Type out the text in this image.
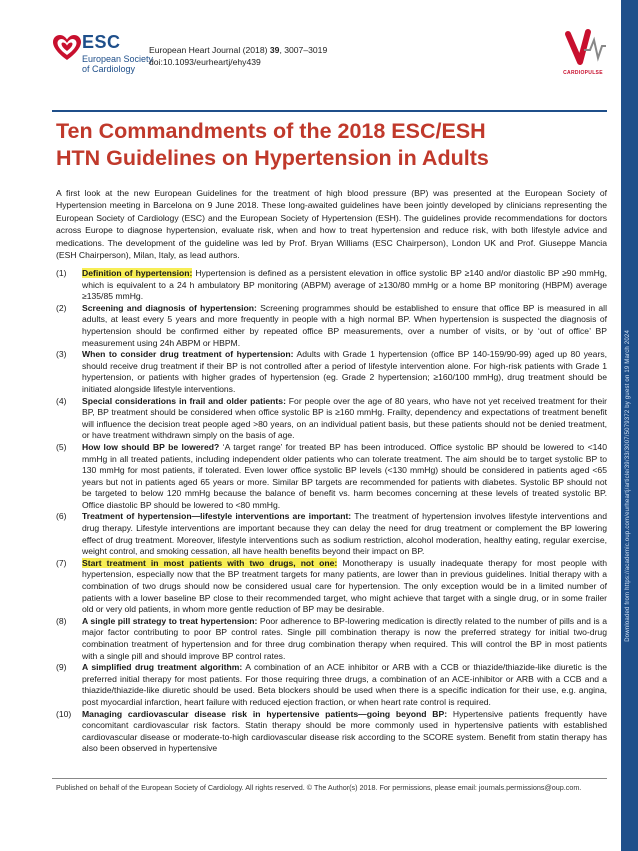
Downloaded from https://academic.oup.com/eurheartj/article/39/33/3007/5079372 by guest on 19 March 2024
ESC
European Society
of Cardiology
European Heart Journal (2018) 39, 3007–3019
doi:10.1093/eurheartj/ehy439
CARDIOPULSE
Ten Commandments of the 2018 ESC/ESH
HTN Guidelines on Hypertension in Adults
A first look at the new European Guidelines for the treatment of high blood pressure (BP) was presented at the European Society of Hypertension meeting in Barcelona on 9 June 2018. These long-awaited guidelines have been jointly developed by clinicians representing the European Society of Cardiology (ESC) and the European Society of Hypertension (ESH). The guidelines provide recommendations for doctors across Europe to diagnose hypertension, evaluate risk, when and how to treat hypertension and reduce risk, with both lifestyle advice and medications. The development of the guideline was led by Prof. Bryan Williams (ESC Chairperson), London UK and Prof. Giuseppe Mancia (ESH Chairperson), Milan, Italy, as lead authors.
(1) Definition of hypertension: Hypertension is defined as a persistent elevation in office systolic BP ≥140 and/or diastolic BP ≥90 mmHg, which is equivalent to a 24 h ambulatory BP monitoring (ABPM) average of ≥130/80 mmHg or a home BP monitoring (HBPM) average ≥135/85 mmHg.
(2) Screening and diagnosis of hypertension: Screening programmes should be established to ensure that office BP is measured in all adults, at least every 5 years and more frequently in people with a high normal BP. When hypertension is suspected the diagnosis of hypertension should be confirmed either by repeated office BP measurements, over a number of visits, or by ‘out of office’ BP measurement using 24h ABPM or HBPM.
(3) When to consider drug treatment of hypertension: Adults with Grade 1 hypertension (office BP 140-159/90-99) aged up 80 years, should receive drug treatment if their BP is not controlled after a period of lifestyle intervention alone. For high-risk patients with Grade 1 hypertension, or patients with higher grades of hypertension (eg. Grade 2 hypertension; ≥160/100 mmHg), drug treatment should be initiated alongside lifestyle interventions.
(4) Special considerations in frail and older patients: For people over the age of 80 years, who have not yet received treatment for their BP, BP treatment should be considered when office systolic BP is ≥160 mmHg. Frailty, dependency and expectations of treatment benefit will influence the decision treat people aged >80 years, on an individual patient basis, but these patients should not be denied treatment, or have treatment withdrawn simply on the basis of age.
(5) How low should BP be lowered? ‘A target range’ for treated BP has been introduced. Office systolic BP should be lowered to <140 mmHg in all treated patients, including independent older patients who can tolerate treatment. The aim should be to target systolic BP to 130 mmHg for most patients, if tolerated. Even lower office systolic BP levels (<130 mmHg) should be considered in patients aged <65 years but not in patients aged 65 years or more. Similar BP targets are recommended for patients with diabetes. Systolic BP should not be targeted to below 120 mmHg because the balance of benefit vs. harm becomes concerning at these levels of treated systolic BP. Office diastolic BP should be lowered to <80 mmHg.
(6) Treatment of hypertension—lifestyle interventions are important: The treatment of hypertension involves lifestyle interventions and drug therapy. Lifestyle interventions are important because they can delay the need for drug treatment or complement the BP lowering effect of drug treatment. Moreover, lifestyle interventions such as sodium restriction, alcohol moderation, healthy eating, regular exercise, weight control, and smoking cessation, all have health benefits beyond their impact on BP.
(7) Start treatment in most patients with two drugs, not one: Monotherapy is usually inadequate therapy for most people with hypertension, especially now that the BP treatment targets for many patients, are lower than in previous guidelines. Initial therapy with a combination of two drugs should now be considered usual care for hypertension. The only exception would be in a limited number of patients with a lower baseline BP close to their recommended target, who might achieve that target with a single drug, or in some frailer old or very old patients, in whom more gentle reduction of BP may be desirable.
(8) A single pill strategy to treat hypertension: Poor adherence to BP-lowering medication is directly related to the number of pills and is a major factor contributing to poor BP control rates. Single pill combination therapy is now the preferred strategy for initial two-drug combination treatment of hypertension and for three drug combination therapy when required. This will control the BP in most patients with a single pill and should improve BP control rates.
(9) A simplified drug treatment algorithm: A combination of an ACE inhibitor or ARB with a CCB or thiazide/thiazide-like diuretic is the preferred initial therapy for most patients. For those requiring three drugs, a combination of an ACE-inhibitor or ARB with a CCB and a thiazide/thiazide-like diuretic should be used. Beta blockers should be used when there is a specific indication for their use, e.g. angina, post myocardial infarction, heart failure with reduced ejection fraction, or when heart rate control is required.
(10) Managing cardiovascular disease risk in hypertensive patients—going beyond BP: Hypertensive patients frequently have concomitant cardiovascular risk factors. Statin therapy should be more commonly used in hypertensive patients with established cardiovascular disease or moderate-to-high cardiovascular disease risk according to the SCORE system. Benefit from statin therapy has also been observed in hypertensive
Published on behalf of the European Society of Cardiology. All rights reserved. © The Author(s) 2018. For permissions, please email: journals.permissions@oup.com.
